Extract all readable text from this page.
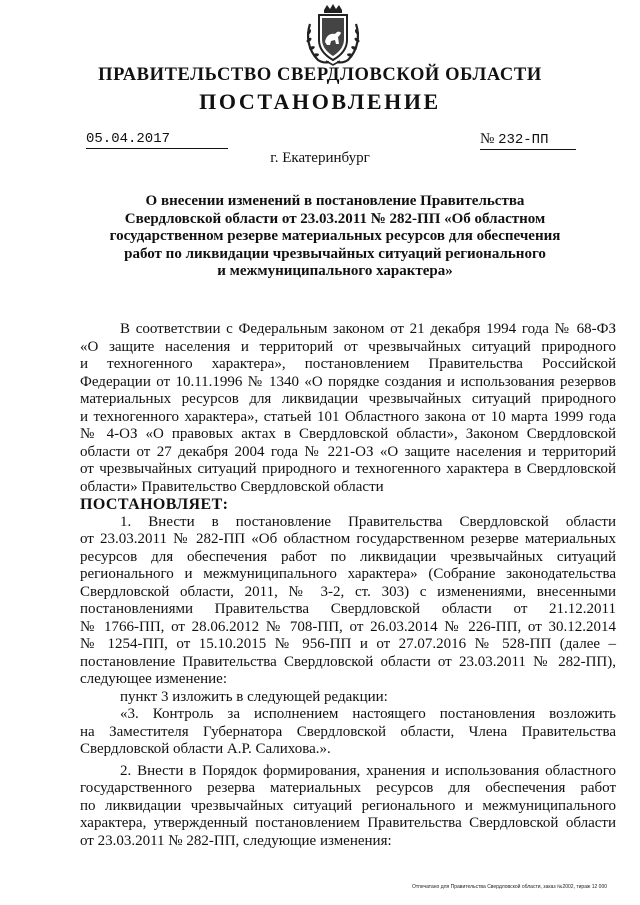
ПРАВИТЕЛЬСТВО СВЕРДЛОВСКОЙ ОБЛАСТИ
ПОСТАНОВЛЕНИЕ
05.04.2017	№ 232-ПП
г. Екатеринбург
О внесении изменений в постановление Правительства
Свердловской области от 23.03.2011 № 282-ПП «Об областном
государственном резерве материальных ресурсов для обеспечения
работ по ликвидации чрезвычайных ситуаций регионального
и межмуниципального характера»
В соответствии с Федеральным законом от 21 декабря 1994 года № 68-ФЗ
«О защите населения и территорий от чрезвычайных ситуаций природного
и техногенного характера», постановлением Правительства Российской
Федерации от 10.11.1996 № 1340 «О порядке создания и использования резервов
материальных ресурсов для ликвидации чрезвычайных ситуаций природного
и техногенного характера», статьей 101 Областного закона от 10 марта 1999 года
№ 4-ОЗ «О правовых актах в Свердловской области», Законом Свердловской
области от 27 декабря 2004 года № 221-ОЗ «О защите населения и территорий
от чрезвычайных ситуаций природного и техногенного характера в Свердловской
области» Правительство Свердловской области
ПОСТАНОВЛЯЕТ:
1. Внести в постановление Правительства Свердловской области
от 23.03.2011 № 282-ПП «Об областном государственном резерве материальных
ресурсов для обеспечения работ по ликвидации чрезвычайных ситуаций
регионального и межмуниципального характера» (Собрание законодательства
Свердловской области, 2011, № 3-2, ст. 303) с изменениями, внесенными
постановлениями Правительства Свердловской области от 21.12.2011
№ 1766-ПП, от 28.06.2012 № 708-ПП, от 26.03.2014 № 226-ПП, от 30.12.2014
№ 1254-ПП, от 15.10.2015 № 956-ПП и от 27.07.2016 № 528-ПП (далее –
постановление Правительства Свердловской области от 23.03.2011 № 282-ПП),
следующее изменение:
пункт 3 изложить в следующей редакции:
«3. Контроль за исполнением настоящего постановления возложить
на Заместителя Губернатора Свердловской области, Члена Правительства
Свердловской области А.Р. Салихова.».
2. Внести в Порядок формирования, хранения и использования областного
государственного резерва материальных ресурсов для обеспечения работ
по ликвидации чрезвычайных ситуаций регионального и межмуниципального
характера, утвержденный постановлением Правительства Свердловской области
от 23.03.2011 № 282-ПП, следующие изменения:
Отпечатано для Правительства Свердловской области, заказ №2002, тираж 12 000
